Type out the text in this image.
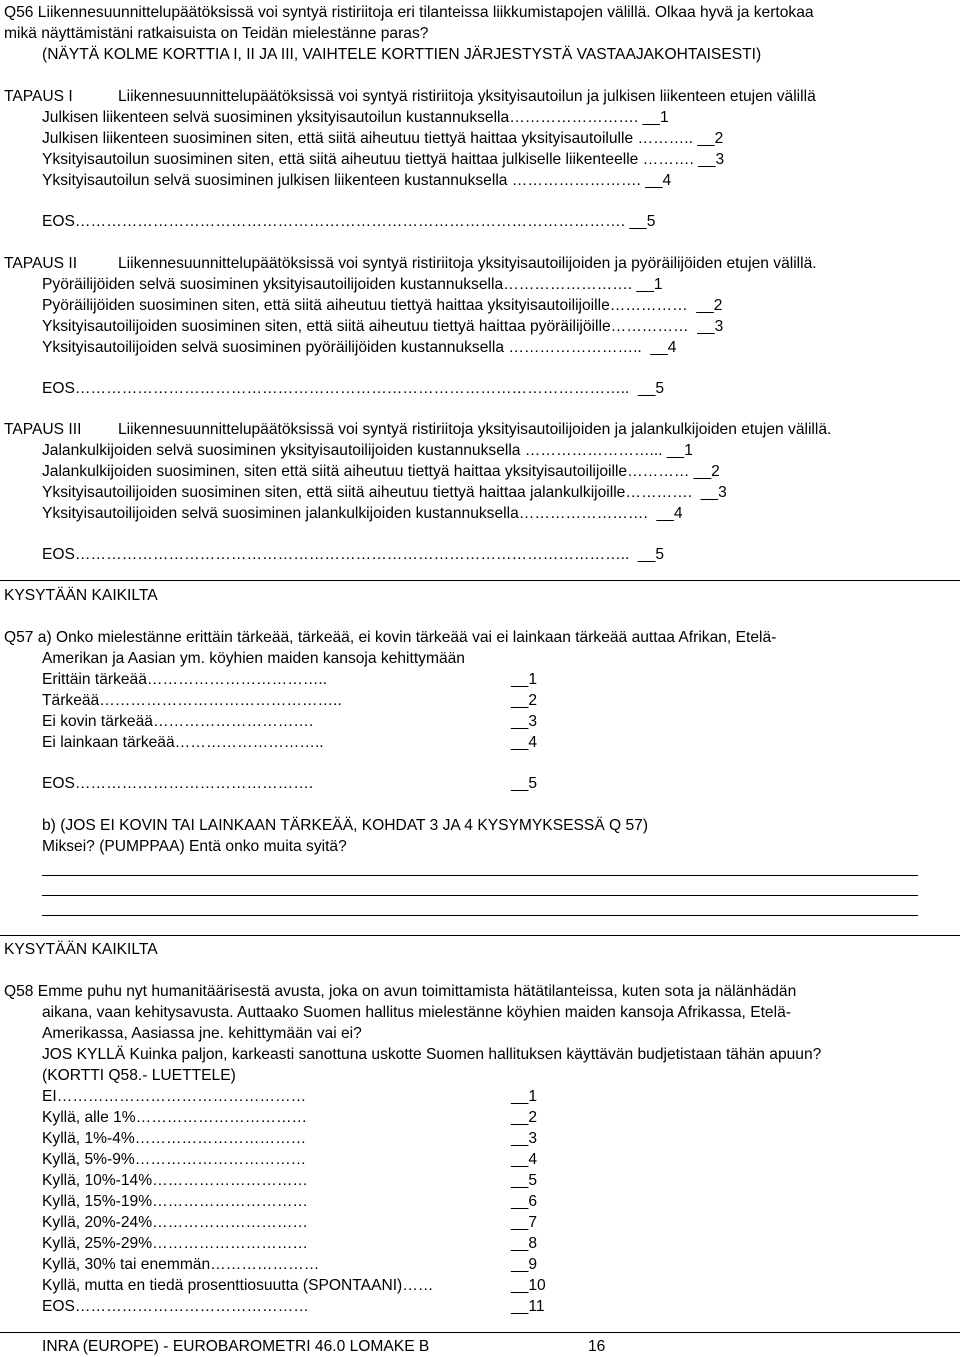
Q56 Liikennesuunnittelupäätöksissä voi syntyä ristiriitoja eri tilanteissa liikkumistapojen välillä. Olkaa hyvä ja kertokaa
mikä näyttämistäni ratkaisuista on Teidän mielestänne paras?
(NÄYTÄ KOLME KORTTIA I, II JA III, VAIHTELE KORTTIEN JÄRJESTYSTÄ VASTAAJAKOHTAISESTI)
TAPAUS I	Liikennesuunnittelupäätöksissä voi syntyä ristiriitoja yksityisautoilun ja julkisen liikenteen etujen välillä
Julkisen liikenteen selvä suosiminen yksityisautoilun kustannuksella……………………. __1
Julkisen liikenteen suosiminen siten, että siitä aiheutuu tiettyä haittaa yksityisautoilulle ……….. __2
Yksityisautoilun suosiminen siten, että siitä aiheutuu tiettyä haittaa julkiselle liikenteelle ………. __3
Yksityisautoilun selvä suosiminen julkisen liikenteen kustannuksella ……………………. __4
EOS……………………………………………………………………………………………. __5
TAPAUS II	Liikennesuunnittelupäätöksissä voi syntyä ristiriitoja yksityisautoilijoiden ja pyöräilijöiden etujen välillä.
Pyöräilijöiden selvä suosiminen yksityisautoilijoiden kustannuksella……………………. __1
Pyöräilijöiden suosiminen siten, että siitä aiheutuu tiettyä haittaa yksityisautoilijoille……………  __2
Yksityisautoilijoiden suosiminen siten, että siitä aiheutuu tiettyä haittaa pyöräilijöille……………  __3
Yksityisautoilijoiden selvä suosiminen pyöräilijöiden kustannuksella ……………………..  __4
EOS……………………………………………………………………………………………..  __5
TAPAUS III Liikennesuunnittelupäätöksissä voi syntyä ristiriitoja yksityisautoilijoiden ja jalankulkijoiden etujen välillä.
Jalankulkijoiden selvä suosiminen yksityisautoilijoiden kustannuksella ……………………... __1
Jalankulkijoiden suosiminen, siten että siitä aiheutuu tiettyä haittaa yksityisautoilijoille………… __2
Yksityisautoilijoiden suosiminen siten, että siitä aiheutuu tiettyä haittaa jalankulkijoille………….  __3
Yksityisautoilijoiden selvä suosiminen jalankulkijoiden kustannuksella…………………….  __4
EOS……………………………………………………………………………………………..  __5
KYSYTÄÄN KAIKILTA
Q57 a) Onko mielestänne erittäin tärkeää, tärkeää, ei kovin tärkeää vai ei lainkaan tärkeää auttaa Afrikan, Etelä-
Amerikan ja Aasian ym. köyhien maiden kansoja kehittymään
Erittäin tärkeää……………………………..	__1
Tärkeää………………………………………..	__2
Ei kovin tärkeää………………………….	__3
Ei lainkaan tärkeää………………………..	__4
EOS……………………………………….	__5
b) (JOS EI KOVIN TAI LAINKAAN TÄRKEÄÄ, KOHDAT 3 JA 4 KYSYMYKSESSÄ Q 57)
Miksei? (PUMPPAA) Entä onko muita syitä?
KYSYTÄÄN KAIKILTA
Q58 Emme puhu nyt humanitäärisestä avusta, joka on avun toimittamista hätätilanteissa, kuten sota ja nälänhädän
aikana, vaan kehitysavusta. Auttaako Suomen hallitus mielestänne köyhien maiden kansoja Afrikassa, Etelä-
Amerikassa, Aasiassa jne. kehittymään vai ei?
JOS KYLLÄ Kuinka paljon, karkeasti sanottuna uskotte Suomen hallituksen käyttävän budjetistaan tähän apuun?
(KORTTI Q58.- LUETTELE)
EI…………………………………………	__1
Kyllä, alle 1%……………………………	__2
Kyllä, 1%-4%……………………………	__3
Kyllä, 5%-9%……………………………	__4
Kyllä, 10%-14%…………………………	__5
Kyllä, 15%-19%…………………………	__6
Kyllä, 20%-24%…………………………	__7
Kyllä, 25%-29%…………………………	__8
Kyllä, 30% tai enemmän…………………	__9
Kyllä, mutta en tiedä prosenttiosuutta (SPONTAANI)……	__10
EOS………………………………………	__11
INRA (EUROPE) - EUROBAROMETRI 46.0 LOMAKE B	16
